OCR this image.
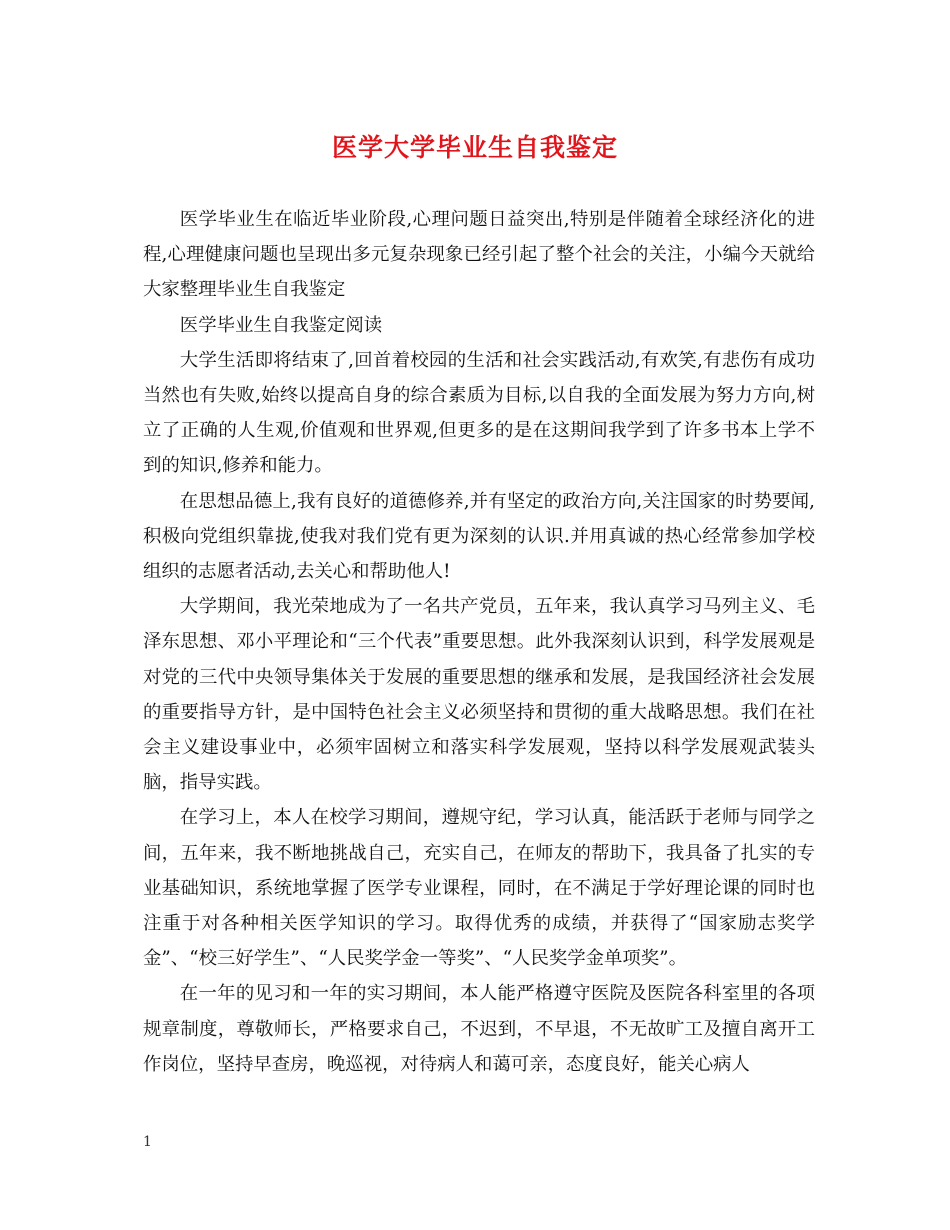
医学大学毕业生自我鉴定

医学毕业生在临近毕业阶段,心理问题日益突出,特别是伴随着全球经济化的进程,心理健康问题也呈现出多元复杂现象已经引起了整个社会的关注，小编今天就给大家整理毕业生自我鉴定

医学毕业生自我鉴定阅读

大学生活即将结束了,回首着校园的生活和社会实践活动,有欢笑,有悲伤有成功当然也有失败,始终以提高自身的综合素质为目标,以自我的全面发展为努力方向,树立了正确的人生观,价值观和世界观,但更多的是在这期间我学到了许多书本上学不到的知识,修养和能力。

在思想品德上,我有良好的道德修养,并有坚定的政治方向,关注国家的时势要闻,积极向党组织靠拢,使我对我们党有更为深刻的认识.并用真诚的热心经常参加学校组织的志愿者活动,去关心和帮助他人!

大学期间，我光荣地成为了一名共产党员，五年来，我认真学习马列主义、毛泽东思想、邓小平理论和“三个代表”重要思想。此外我深刻认识到，科学发展观是对党的三代中央领导集体关于发展的重要思想的继承和发展，是我国经济社会发展的重要指导方针，是中国特色社会主义必须坚持和贯彻的重大战略思想。我们在社会主义建设事业中，必须牢固树立和落实科学发展观，坚持以科学发展观武装头脑，指导实践。

在学习上，本人在校学习期间，遵规守纪，学习认真，能活跃于老师与同学之间，五年来，我不断地挑战自己，充实自己，在师友的帮助下，我具备了扎实的专业基础知识，系统地掌握了医学专业课程，同时，在不满足于学好理论课的同时也注重于对各种相关医学知识的学习。取得优秀的成绩，并获得了“国家励志奖学金”、“校三好学生”、“人民奖学金一等奖”、“人民奖学金单项奖”。

在一年的见习和一年的实习期间，本人能严格遵守医院及医院各科室里的各项规章制度，尊敬师长，严格要求自己，不迟到，不早退，不无故旷工及擅自离开工作岗位，坚持早查房，晚巡视，对待病人和蔼可亲，态度良好，能关心病人

1
